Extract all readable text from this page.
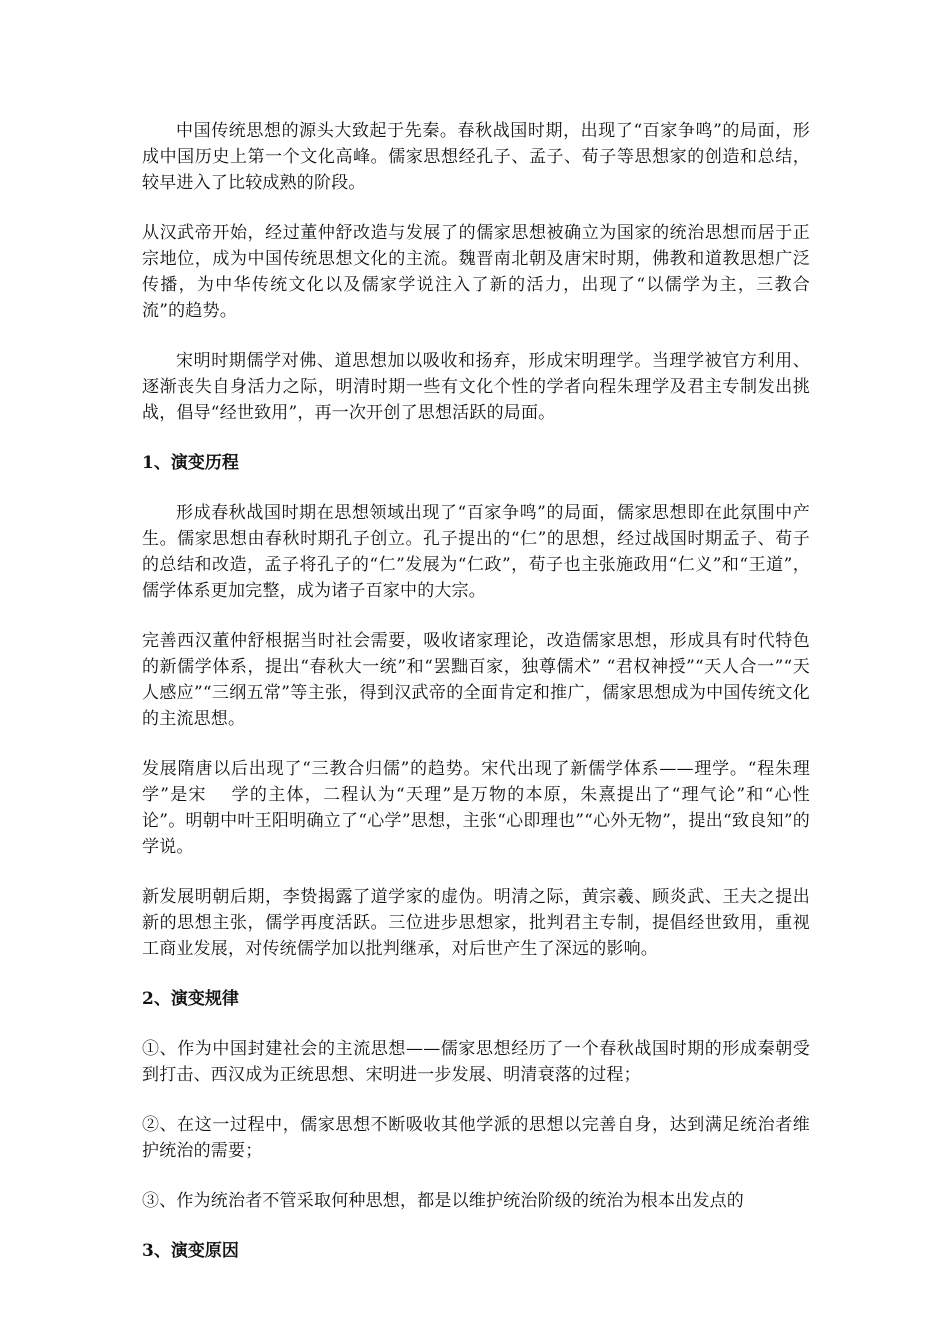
中国传统思想的源头大致起于先秦。春秋战国时期，出现了“百家争鸣”的局面，形成中国历史上第一个文化高峰。儒家思想经孔子、孟子、荀子等思想家的创造和总结，较早进入了比较成熟的阶段。

从汉武帝开始，经过董仲舒改造与发展了的儒家思想被确立为国家的统治思想而居于正宗地位，成为中国传统思想文化的主流。魏晋南北朝及唐宋时期，佛教和道教思想广泛传播，为中华传统文化以及儒家学说注入了新的活力，出现了“以儒学为主，三教合流”的趋势。

宋明时期儒学对佛、道思想加以吸收和扬弃，形成宋明理学。当理学被官方利用、逐渐丧失自身活力之际，明清时期一些有文化个性的学者向程朱理学及君主专制发出挑战，倡导“经世致用”，再一次开创了思想活跃的局面。

1、演变历程

形成春秋战国时期在思想领域出现了“百家争鸣”的局面，儒家思想即在此氛围中产生。儒家思想由春秋时期孔子创立。孔子提出的“仁”的思想，经过战国时期孟子、荀子的总结和改造，孟子将孔子的“仁”发展为“仁政”，荀子也主张施政用“仁义”和“王道”，儒学体系更加完整，成为诸子百家中的大宗。

完善西汉董仲舒根据当时社会需要，吸收诸家理论，改造儒家思想，形成具有时代特色的新儒学体系，提出“春秋大一统”和“罢黜百家，独尊儒术” “君权神授”“天人合一”“天人感应”“三纲五常”等主张，得到汉武帝的全面肯定和推广，儒家思想成为中国传统文化的主流思想。

发展隋唐以后出现了“三教合归儒”的趋势。宋代出现了新儒学体系——理学。“程朱理学”是宋　 学的主体，二程认为“天理”是万物的本原，朱熹提出了“理气论”和“心性论”。明朝中叶王阳明确立了“心学”思想，主张“心即理也”“心外无物”，提出“致良知”的学说。

新发展明朝后期，李贽揭露了道学家的虚伪。明清之际，黄宗羲、顾炎武、王夫之提出新的思想主张，儒学再度活跃。三位进步思想家，批判君主专制，提倡经世致用，重视工商业发展，对传统儒学加以批判继承，对后世产生了深远的影响。

2、演变规律

①、作为中国封建社会的主流思想——儒家思想经历了一个春秋战国时期的形成秦朝受到打击、西汉成为正统思想、宋明进一步发展、明清衰落的过程；

②、在这一过程中，儒家思想不断吸收其他学派的思想以完善自身，达到满足统治者维护统治的需要；

③、作为统治者不管采取何种思想，都是以维护统治阶级的统治为根本出发点的

3、演变原因
